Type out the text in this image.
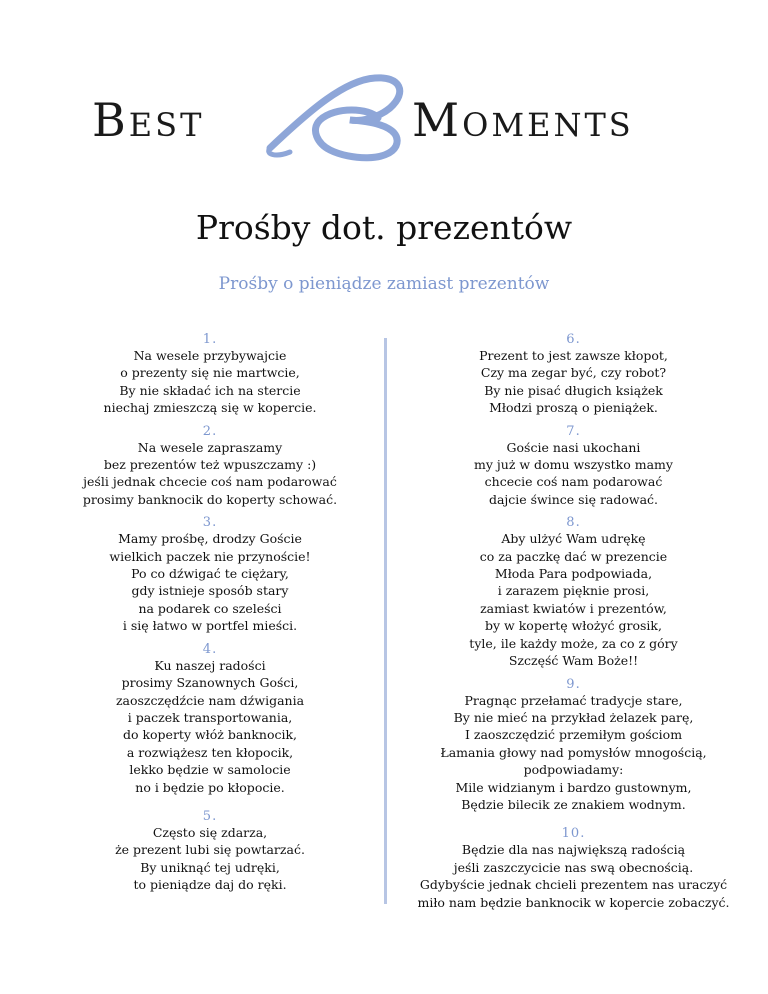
Best	Moments
Prośby dot. prezentów
Prośby o pieniądze zamiast prezentów
1.
Na wesele przybywajcie
o prezenty się nie martwcie,
By nie składać ich na stercie
niechaj zmieszczą się w kopercie.
2.
Na wesele zapraszamy
bez prezentów też wpuszczamy :)
jeśli jednak chcecie coś nam podarować
prosimy banknocik do koperty schować.
3.
Mamy prośbę, drodzy Goście
wielkich paczek nie przynoście!
Po co dźwigać te ciężary,
gdy istnieje sposób stary
na podarek co szeleści
i się łatwo w portfel mieści.
4.
Ku naszej radości
prosimy Szanownych Gości,
zaoszczędźcie nam dźwigania
i paczek transportowania,
do koperty włóż banknocik,
a rozwiążesz ten kłopocik,
lekko będzie w samolocie
no i będzie po kłopocie.
5.
Często się zdarza,
że prezent lubi się powtarzać.
By uniknąć tej udręki,
to pieniądze daj do ręki.
6.
Prezent to jest zawsze kłopot,
Czy ma zegar być, czy robot?
By nie pisać długich książek
Młodzi proszą o pieniążek.
7.
Goście nasi ukochani
my już w domu wszystko mamy
chcecie coś nam podarować
dajcie śwince się radować.
8.
Aby ulżyć Wam udrękę
co za paczkę dać w prezencie
Młoda Para podpowiada,
i zarazem pięknie prosi,
zamiast kwiatów i prezentów,
by w kopertę włożyć grosik,
tyle, ile każdy może, za co z góry
Szczęść Wam Boże!!
9.
Pragnąc przełamać tradycje stare,
By nie mieć na przykład żelazek parę,
I zaoszczędzić przemiłym gościom
Łamania głowy nad pomysłów mnogością,
podpowiadamy:
Mile widzianym i bardzo gustownym,
Będzie bilecik ze znakiem wodnym.
10.
Będzie dla nas największą radością
jeśli zaszczycicie nas swą obecnością.
Gdybyście jednak chcieli prezentem nas uraczyć
miło nam będzie banknocik w kopercie zobaczyć.
